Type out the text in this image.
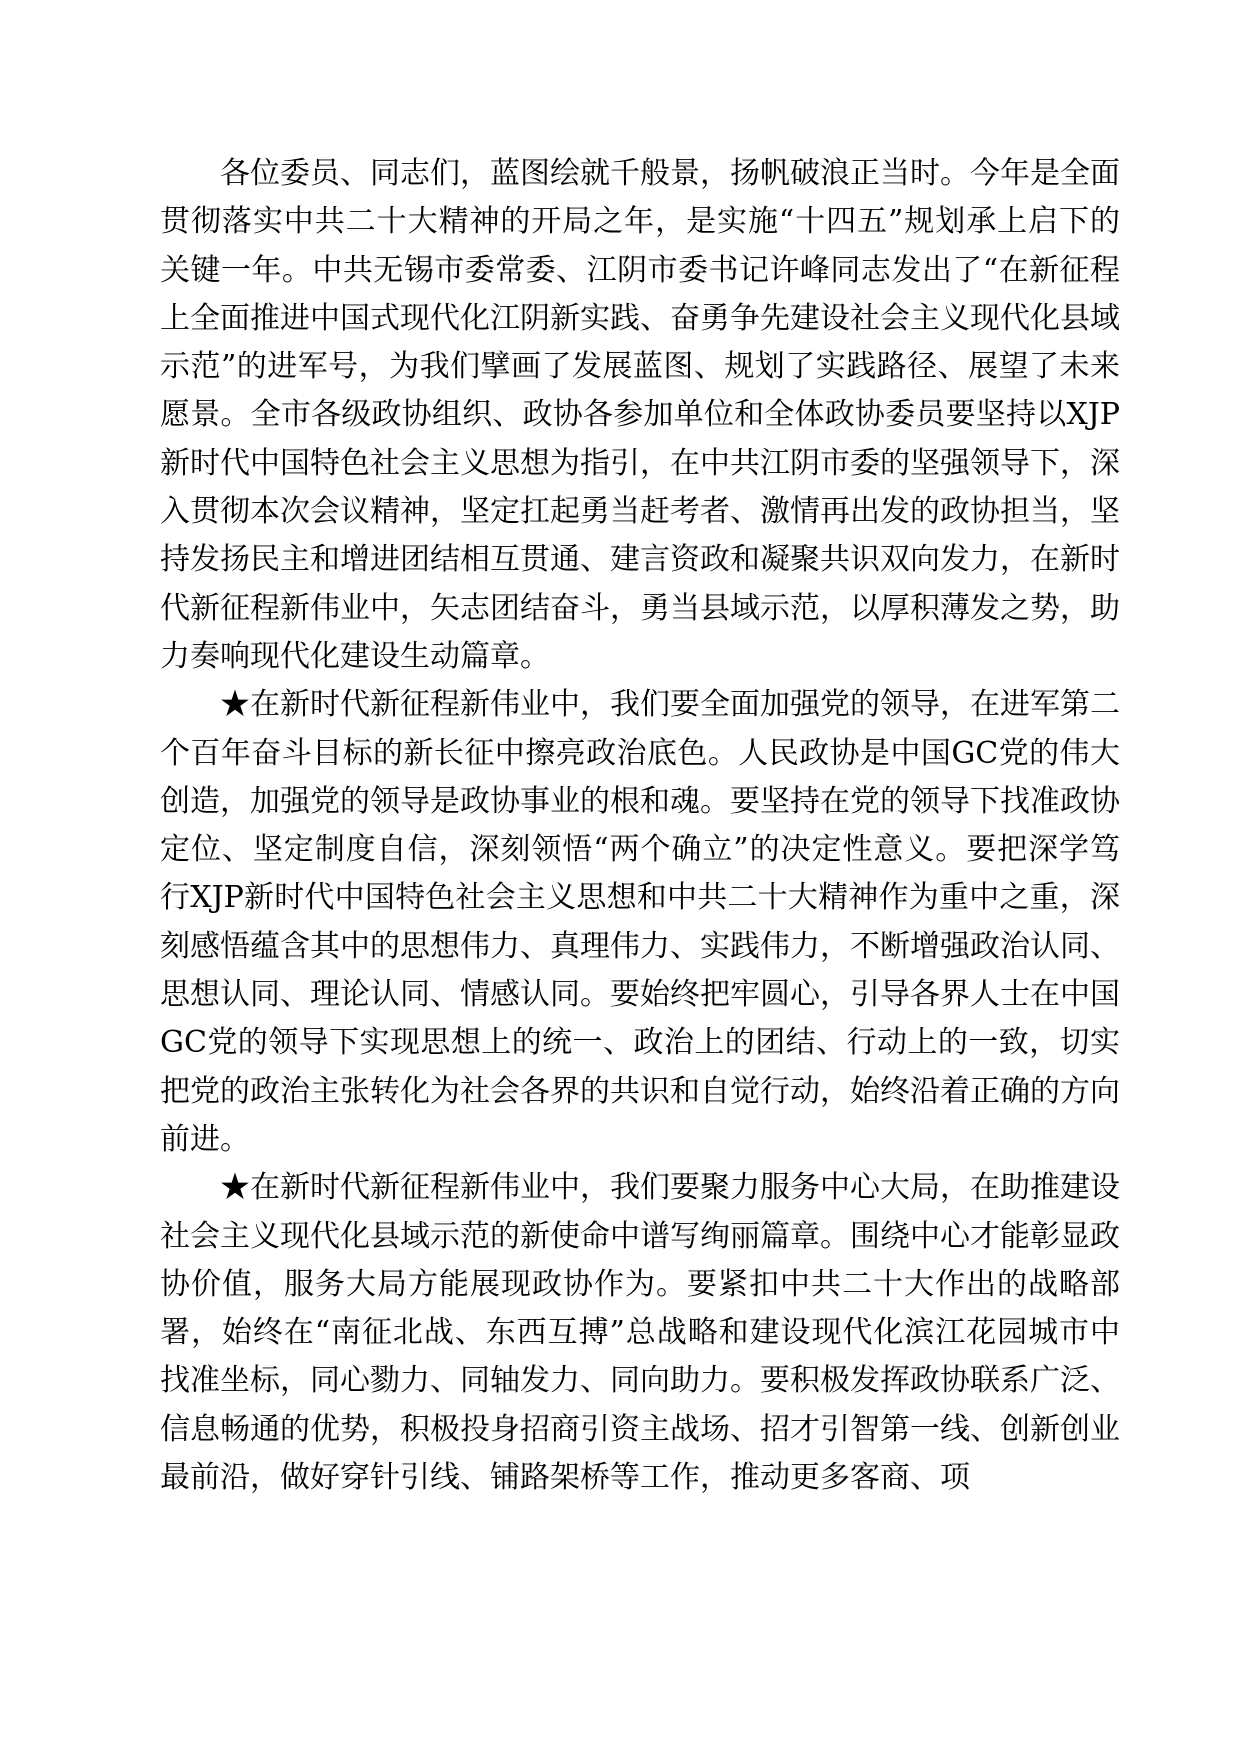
各位委员、同志们，蓝图绘就千般景，扬帆破浪正当时。今年是全面贯彻落实中共二十大精神的开局之年，是实施“十四五”规划承上启下的关键一年。中共无锡市委常委、江阴市委书记许峰同志发出了“在新征程上全面推进中国式现代化江阴新实践、奋勇争先建设社会主义现代化县域示范”的进军号，为我们擘画了发展蓝图、规划了实践路径、展望了未来愿景。全市各级政协组织、政协各参加单位和全体政协委员要坚持以XJP新时代中国特色社会主义思想为指引，在中共江阴市委的坚强领导下，深入贯彻本次会议精神，坚定扛起勇当赶考者、激情再出发的政协担当，坚持发扬民主和增进团结相互贯通、建言资政和凝聚共识双向发力，在新时代新征程新伟业中，矢志团结奋斗，勇当县域示范，以厚积薄发之势，助力奏响现代化建设生动篇章。

★在新时代新征程新伟业中，我们要全面加强党的领导，在进军第二个百年奋斗目标的新长征中擦亮政治底色。人民政协是中国GC党的伟大创造，加强党的领导是政协事业的根和魂。要坚持在党的领导下找准政协定位、坚定制度自信，深刻领悟“两个确立”的决定性意义。要把深学笃行XJP新时代中国特色社会主义思想和中共二十大精神作为重中之重，深刻感悟蕴含其中的思想伟力、真理伟力、实践伟力，不断增强政治认同、思想认同、理论认同、情感认同。要始终把牢圆心，引导各界人士在中国GC党的领导下实现思想上的统一、政治上的团结、行动上的一致，切实把党的政治主张转化为社会各界的共识和自觉行动，始终沿着正确的方向前进。

★在新时代新征程新伟业中，我们要聚力服务中心大局，在助推建设社会主义现代化县域示范的新使命中谱写绚丽篇章。围绕中心才能彰显政协价值，服务大局方能展现政协作为。要紧扣中共二十大作出的战略部署，始终在“南征北战、东西互搏”总战略和建设现代化滨江花园城市中找准坐标，同心勠力、同轴发力、同向助力。要积极发挥政协联系广泛、信息畅通的优势，积极投身招商引资主战场、招才引智第一线、创新创业最前沿，做好穿针引线、铺路架桥等工作，推动更多客商、项
